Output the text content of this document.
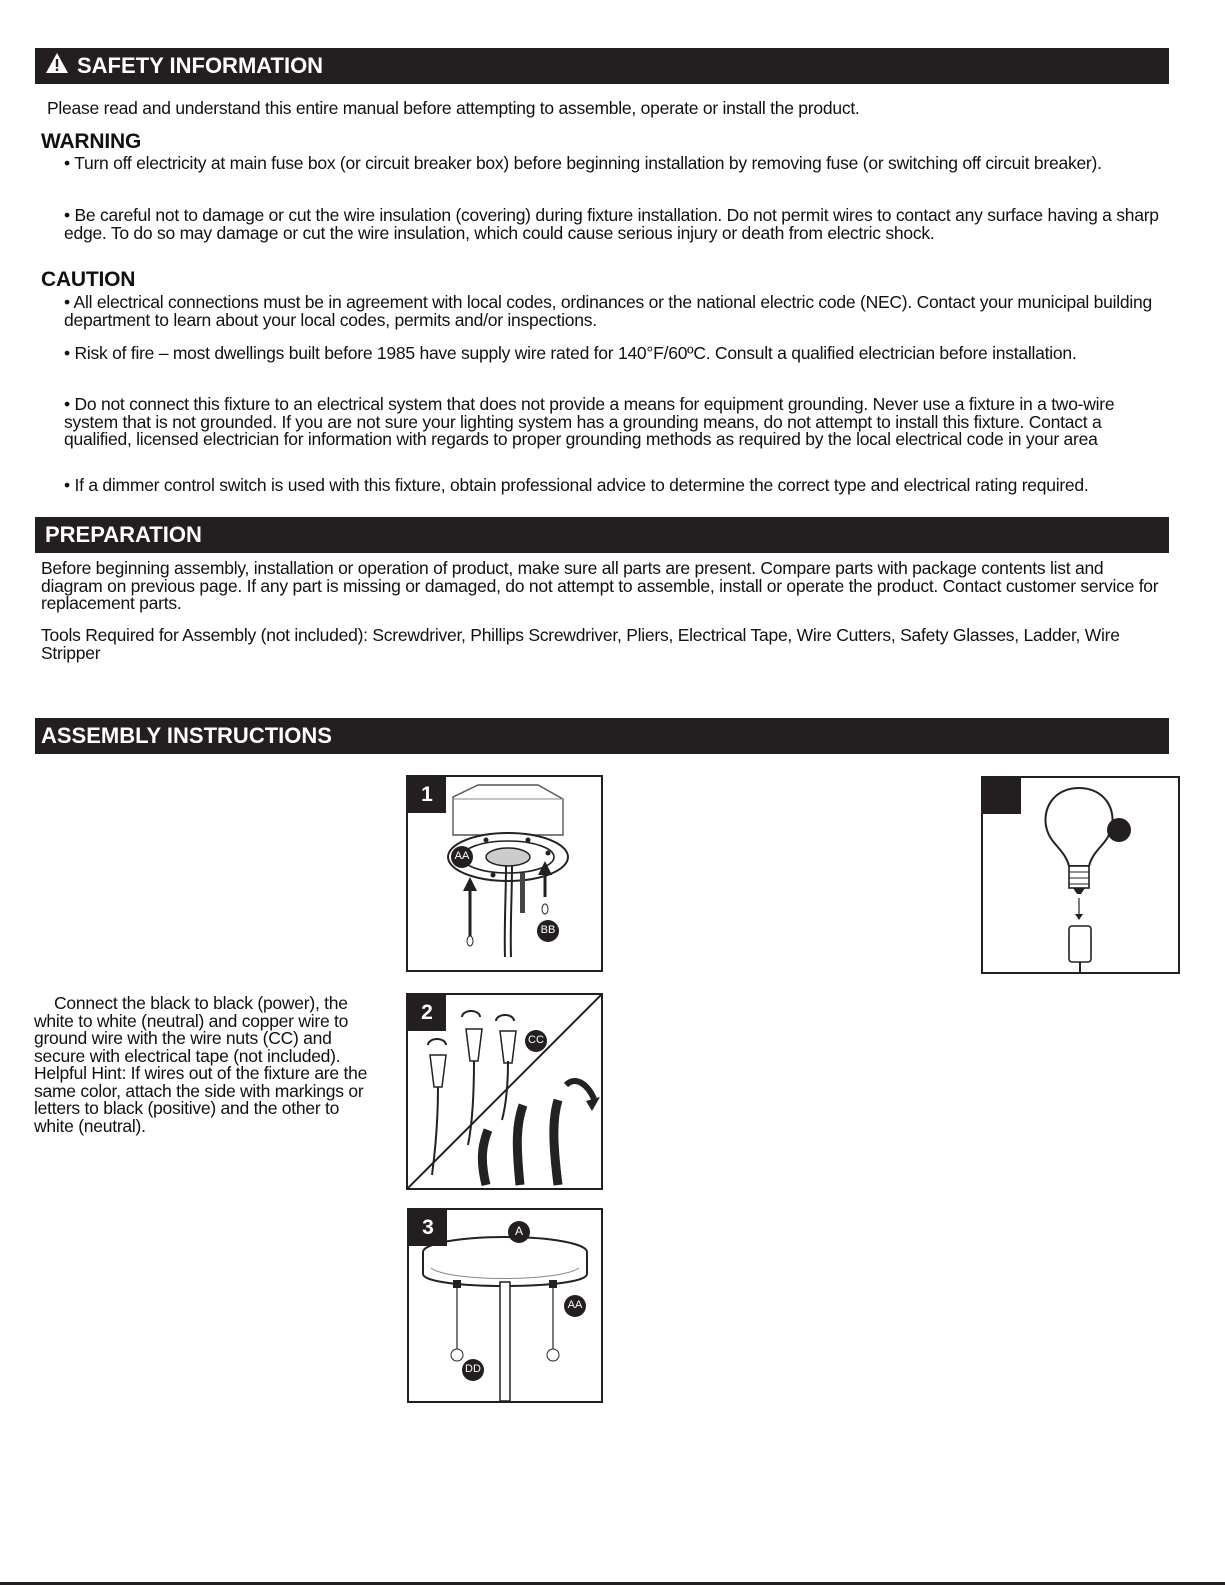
SAFETY INFORMATION
Please read and understand this entire manual before attempting to assemble, operate or install the product.
WARNING
• Turn off electricity at main fuse box (or circuit breaker box) before beginning installation by removing fuse (or switching off circuit breaker).
• Be careful not to damage or cut the wire insulation (covering) during fixture installation. Do not permit wires to contact any surface having a sharp edge. To do so may damage or cut the wire insulation, which could cause serious injury or death from electric shock.
CAUTION
• All electrical connections must be in agreement with local codes, ordinances or the national electric code (NEC). Contact your municipal building department to learn about your local codes, permits and/or inspections.
• Risk of fire – most dwellings built before 1985 have supply wire rated for 140°F/60ºC. Consult a qualified electrician before installation.
• Do not connect this fixture to an electrical system that does not provide a means for equipment grounding. Never use a fixture in a two-wire system that is not grounded. If you are not sure your lighting system has a grounding means, do not attempt to install this fixture. Contact a qualified, licensed electrician for information with regards to proper grounding methods as required by the local electrical code in your area
• If a dimmer control switch is used with this fixture, obtain professional advice to determine the correct type and electrical rating required.
PREPARATION
Before beginning assembly, installation or operation of product, make sure all parts are present. Compare parts with package contents list and diagram on previous page. If any part is missing or damaged, do not attempt to assemble, install or operate the product. Contact customer service for replacement parts.
Tools Required for Assembly (not included): Screwdriver, Phillips Screwdriver, Pliers, Electrical Tape, Wire Cutters, Safety Glasses, Ladder, Wire Stripper
ASSEMBLY INSTRUCTIONS
Connect the black to black (power), the white to white (neutral) and copper wire to ground wire with the wire nuts (CC) and secure with electrical tape (not included). Helpful Hint: If wires out of the fixture are the same color, attach the side with markings or letters to black (positive) and the other to white (neutral).
1
AA
BB
2
CC
3	A
AA
DD
